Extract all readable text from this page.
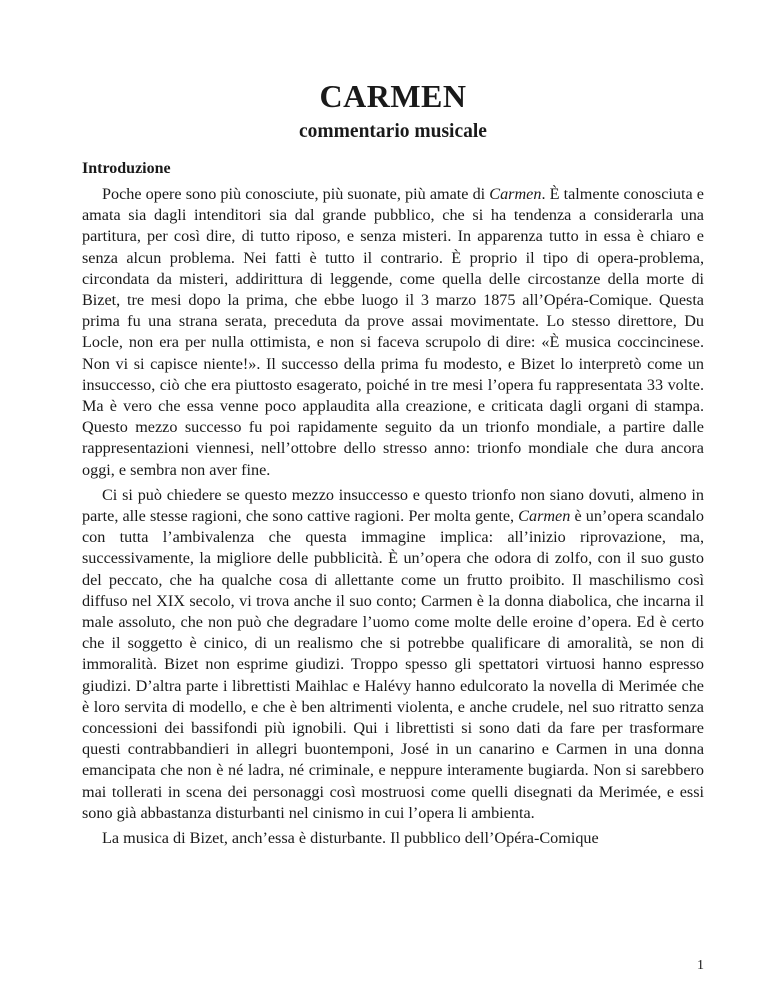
CARMEN
commentario musicale
Introduzione

Poche opere sono più conosciute, più suonate, più amate di Carmen. È talmente conosciuta e amata sia dagli intenditori sia dal grande pubblico, che si ha tendenza a considerarla una partitura, per così dire, di tutto riposo, e senza misteri. In apparenza tutto in essa è chiaro e senza alcun problema. Nei fatti è tutto il contrario. È proprio il tipo di opera-problema, circondata da misteri, addirittura di leggende, come quella delle circostanze della morte di Bizet, tre mesi dopo la prima, che ebbe luogo il 3 marzo 1875 all’Opéra-Comique. Questa prima fu una strana serata, preceduta da prove assai movimentate. Lo stesso direttore, Du Locle, non era per nulla ottimista, e non si faceva scrupolo di dire: «È musica coccincinese. Non vi si capisce niente!». Il successo della prima fu modesto, e Bizet lo interpretò come un insuccesso, ciò che era piuttosto esagerato, poiché in tre mesi l’opera fu rappresentata 33 volte. Ma è vero che essa venne poco applaudita alla creazione, e criticata dagli organi di stampa. Questo mezzo successo fu poi rapidamente seguito da un trionfo mondiale, a partire dalle rappresentazioni viennesi, nell’ottobre dello stresso anno: trionfo mondiale che dura ancora oggi, e sembra non aver fine.

Ci si può chiedere se questo mezzo insuccesso e questo trionfo non siano dovuti, almeno in parte, alle stesse ragioni, che sono cattive ragioni. Per molta gente, Carmen è un’opera scandalo con tutta l’ambivalenza che questa immagine implica: all’inizio riprovazione, ma, successivamente, la migliore delle pubblicità. È un’opera che odora di zolfo, con il suo gusto del peccato, che ha qualche cosa di allettante come un frutto proibito. Il maschilismo così diffuso nel XIX secolo, vi trova anche il suo conto; Carmen è la donna diabolica, che incarna il male assoluto, che non può che degradare l’uomo come molte delle eroine d’opera. Ed è certo che il soggetto è cinico, di un realismo che si potrebbe qualificare di amoralità, se non di immoralità. Bizet non esprime giudizi. Troppo spesso gli spettatori virtuosi hanno espresso giudizi. D’altra parte i librettisti Maihlac e Halévy hanno edulcorato la novella di Merimée che è loro servita di modello, e che è ben altrimenti violenta, e anche crudele, nel suo ritratto senza concessioni dei bassifondi più ignobili. Qui i librettisti si sono dati da fare per trasformare questi contrabbandieri in allegri buontemponi, José in un canarino e Carmen in una donna emancipata che non è né ladra, né criminale, e neppure interamente bugiarda. Non si sarebbero mai tollerati in scena dei personaggi così mostruosi come quelli disegnati da Merimée, e essi sono già abbastanza disturbanti nel cinismo in cui l’opera li ambienta.

La musica di Bizet, anch’essa è disturbante. Il pubblico dell’Opéra-Comique

1
